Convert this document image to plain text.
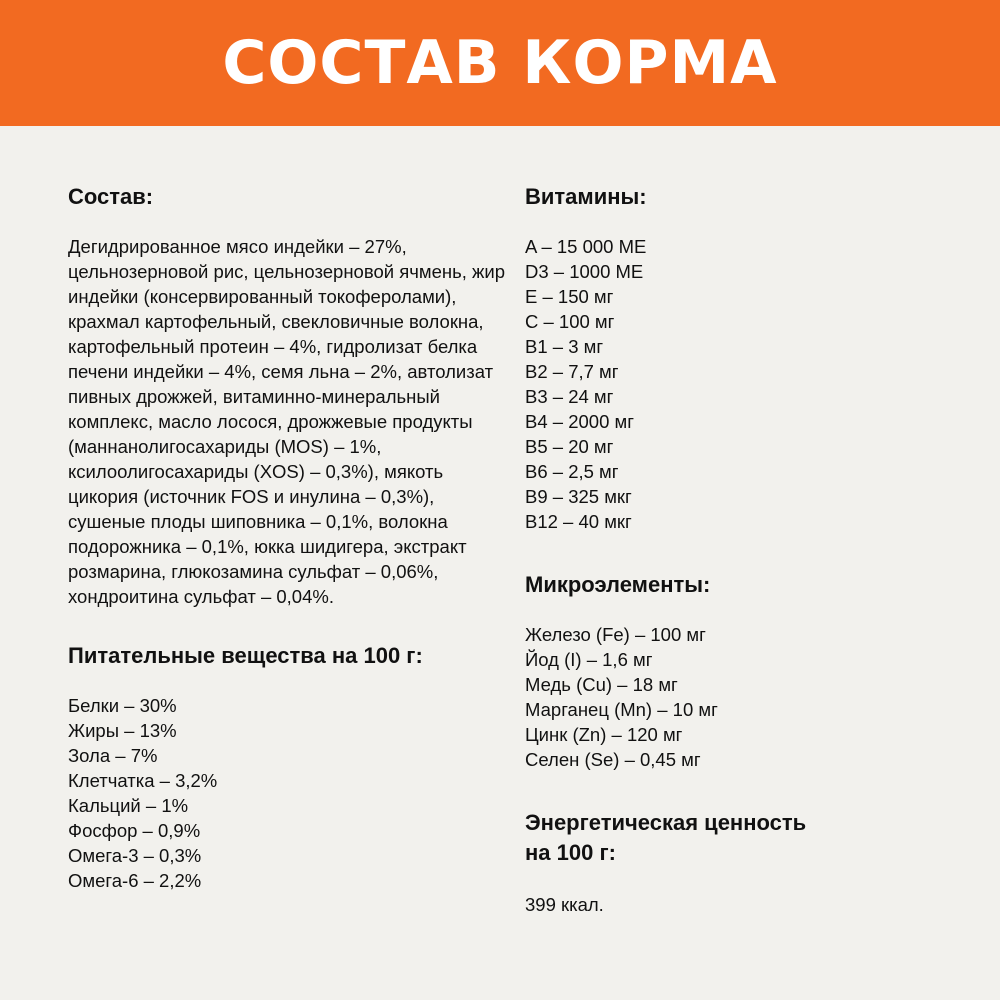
СОСТАВ КОРМА
Состав:

Дегидрированное мясо индейки – 27%, цельнозерновой рис, цельнозерновой ячмень, жир индейки (консервированный токоферолами), крахмал картофельный, свекловичные волокна, картофельный протеин – 4%, гидролизат белка печени индейки – 4%, семя льна – 2%, автолизат пивных дрожжей, витаминно-минеральный комплекс, масло лосося, дрожжевые продукты (маннанолигосахариды (MOS) – 1%, ксилоолигосахариды (XOS) – 0,3%), мякоть цикория (источник FOS и инулина – 0,3%), сушеные плоды шиповника – 0,1%, волокна подорожника – 0,1%, юкка шидигера, экстракт розмарина, глюкозамина сульфат – 0,06%, хондроитина сульфат – 0,04%.

Питательные вещества на 100 г:
Белки – 30%
Жиры – 13%
Зола – 7%
Клетчатка – 3,2%
Кальций – 1%
Фосфор – 0,9%
Омега-3 – 0,3%
Омега-6 – 2,2%
Витамины:
A – 15 000 МЕ
D3 – 1000 МЕ
E – 150 мг
C – 100 мг
B1 – 3 мг
B2 – 7,7 мг
B3 – 24 мг
B4 – 2000 мг
B5 – 20 мг
B6 – 2,5 мг
B9 – 325 мкг
B12 – 40 мкг
Микроэлементы:
Железо (Fe) – 100 мг
Йод (I) – 1,6 мг
Медь (Cu) – 18 мг
Марганец (Mn) – 10 мг
Цинк (Zn) – 120 мг
Селен (Se) – 0,45 мг
Энергетическая ценность
на 100 г:

399 ккал.
